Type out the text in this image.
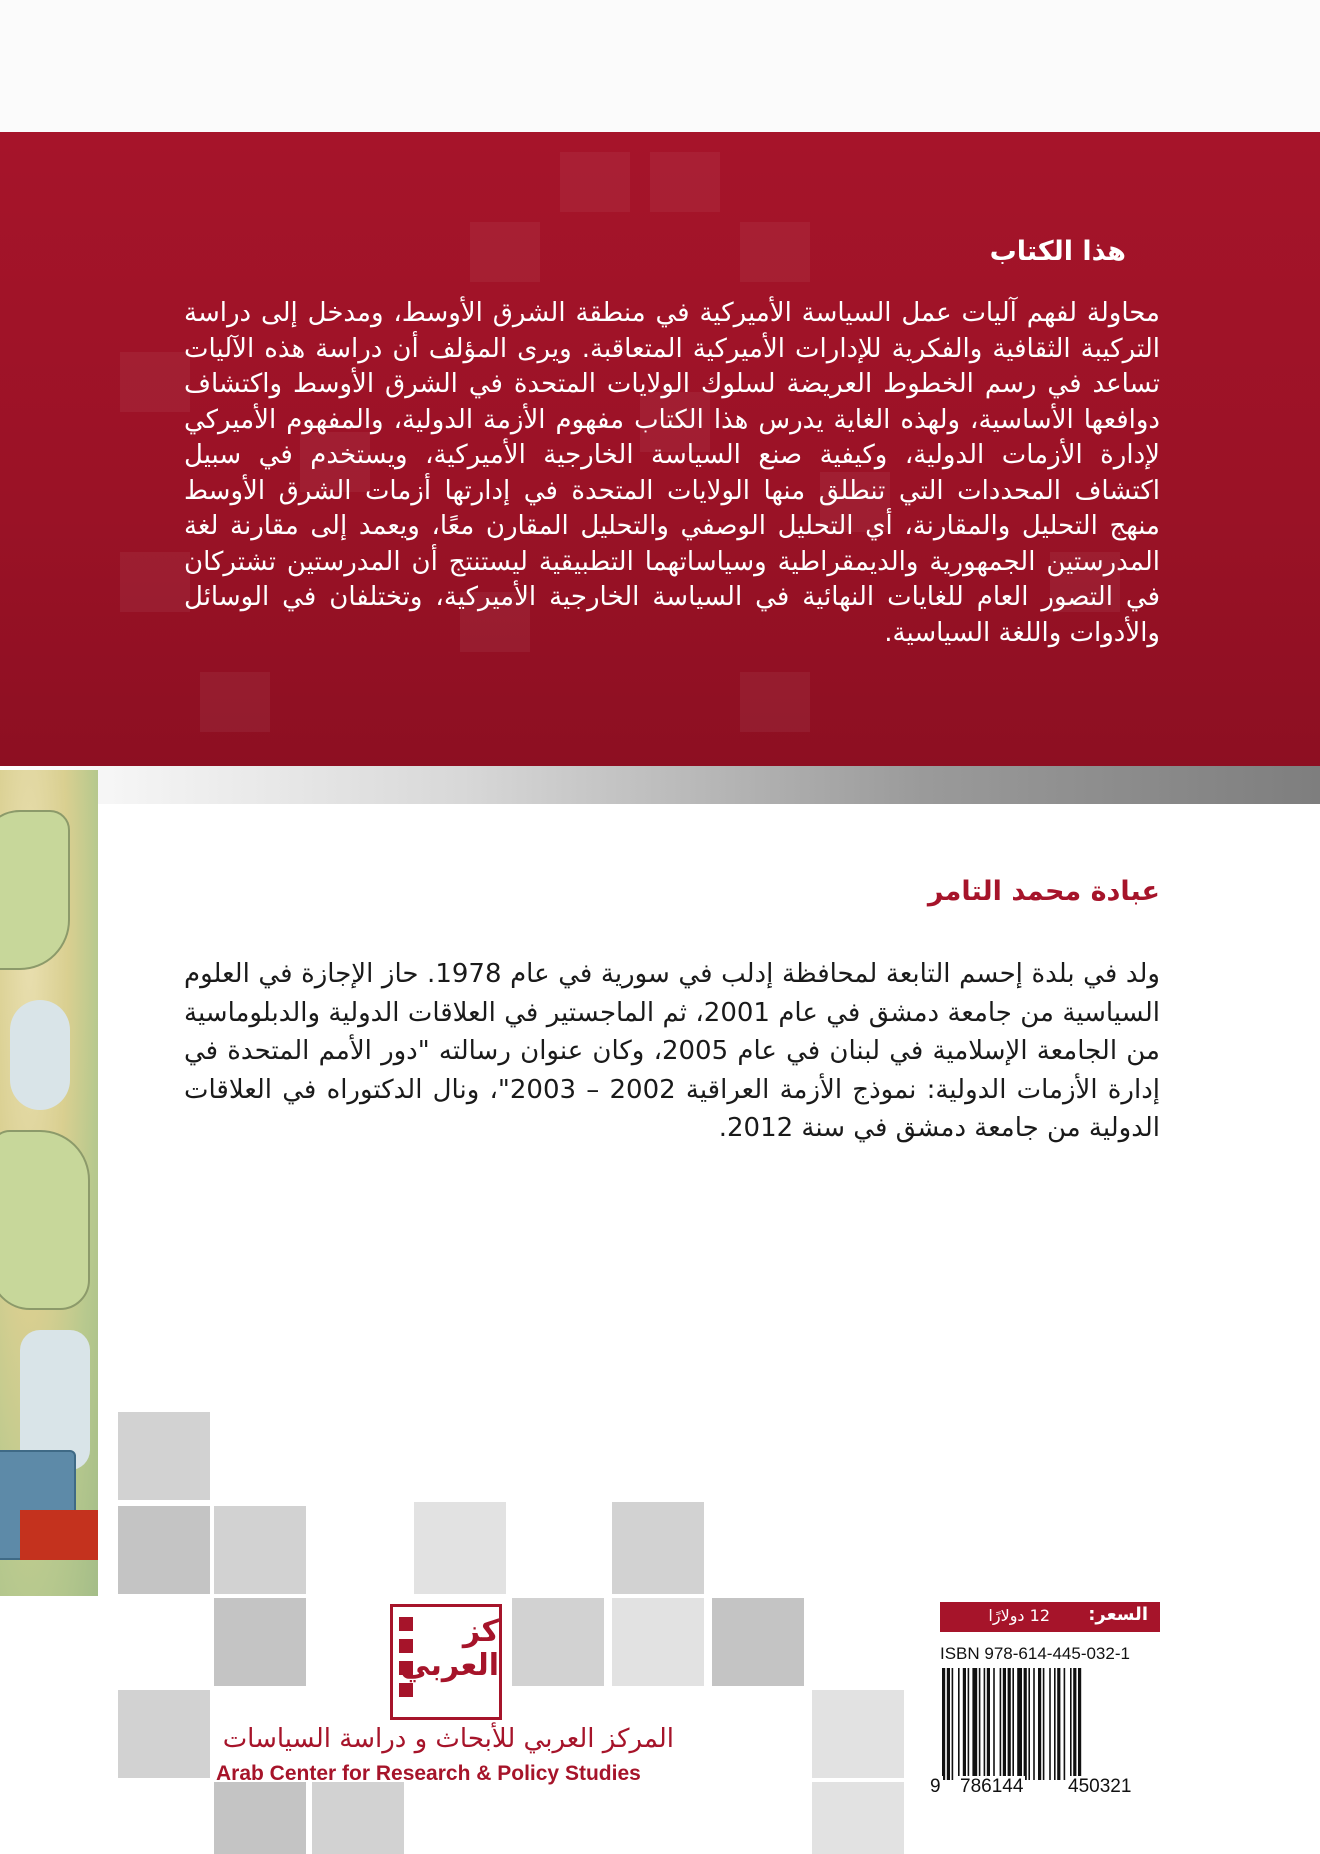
هذا الكتاب
محاولة لفهم آليات عمل السياسة الأميركية في منطقة الشرق الأوسط، ومدخل إلى دراسة التركيبة الثقافية والفكرية للإدارات الأميركية المتعاقبة. ويرى المؤلف أن دراسة هذه الآليات تساعد في رسم الخطوط العريضة لسلوك الولايات المتحدة في الشرق الأوسط واكتشاف دوافعها الأساسية، ولهذه الغاية يدرس هذا الكتاب مفهوم الأزمة الدولية، والمفهوم الأميركي لإدارة الأزمات الدولية، وكيفية صنع السياسة الخارجية الأميركية، ويستخدم في سبيل اكتشاف المحددات التي تنطلق منها الولايات المتحدة في إدارتها أزمات الشرق الأوسط منهج التحليل والمقارنة، أي التحليل الوصفي والتحليل المقارن معًا، ويعمد إلى مقارنة لغة المدرستين الجمهورية والديمقراطية وسياساتهما التطبيقية ليستنتج أن المدرستين تشتركان في التصور العام للغايات النهائية في السياسة الخارجية الأميركية، وتختلفان في الوسائل والأدوات واللغة السياسية.
عبادة محمد التامر
ولد في بلدة إحسم التابعة لمحافظة إدلب في سورية في عام 1978. حاز الإجازة في العلوم السياسية من جامعة دمشق في عام 2001، ثم الماجستير في العلاقات الدولية والدبلوماسية من الجامعة الإسلامية في لبنان في عام 2005، وكان عنوان رسالته "دور الأمم المتحدة في إدارة الأزمات الدولية: نموذج الأزمة العراقية 2002 – 2003"، ونال الدكتوراه في العلاقات الدولية من جامعة دمشق في سنة 2012.
كز العربي
المركز العربي للأبحاث و دراسة السياسات
Arab Center for Research & Policy Studies
السعر:
12 دولارًا
ISBN 978-614-445-032-1
9 786144 450321
